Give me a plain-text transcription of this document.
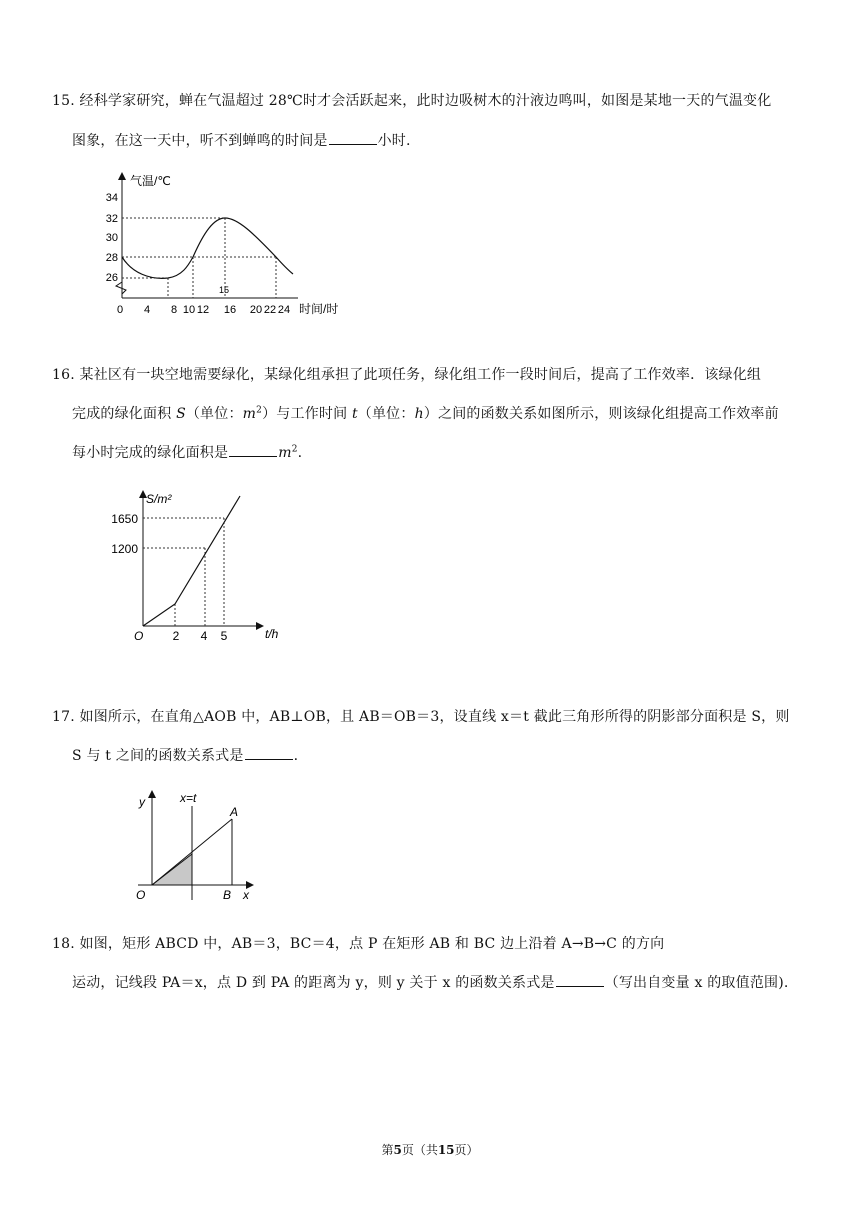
15. 经科学家研究，蝉在气温超过 28℃时才会活跃起来，此时边吸树木的汁液边鸣叫，如图是某地一天的气温变化
图象，在这一天中，听不到蝉鸣的时间是	小时.
34
32
30
28
26
15
0 4 8 10 12 16 20 22 24
气温/℃
时间/时
16. 某社区有一块空地需要绿化，某绿化组承担了此项任务，绿化组工作一段时间后，提高了工作效率．该绿化组
完成的绿化面积 S（单位：$m^2$）与工作时间 t（单位：h）之间的函数关系如图所示，则该绿化组提高工作效率前
每小时完成的绿化面积是	$m^2$.
S/m²
1650
1200
O 2 4 5	t/h
17. 如图所示，在直角△AOB 中，AB⊥OB，且 AB＝OB＝3，设直线 x＝t 截此三角形所得的阴影部分面积是 S，则
S 与 t 之间的函数关系式是	.
y	x=t
A
O	B x
18. 如图，矩形 ABCD 中，AB＝3，BC＝4，点 P 在矩形 AB 和 BC 边上沿着 A→B→C 的方向
运动，记线段 PA＝x，点 D 到 PA 的距离为 y，则 y 关于 x 的函数关系式是	（写出自变量 x 的取值范围).
第5页（共15页）
